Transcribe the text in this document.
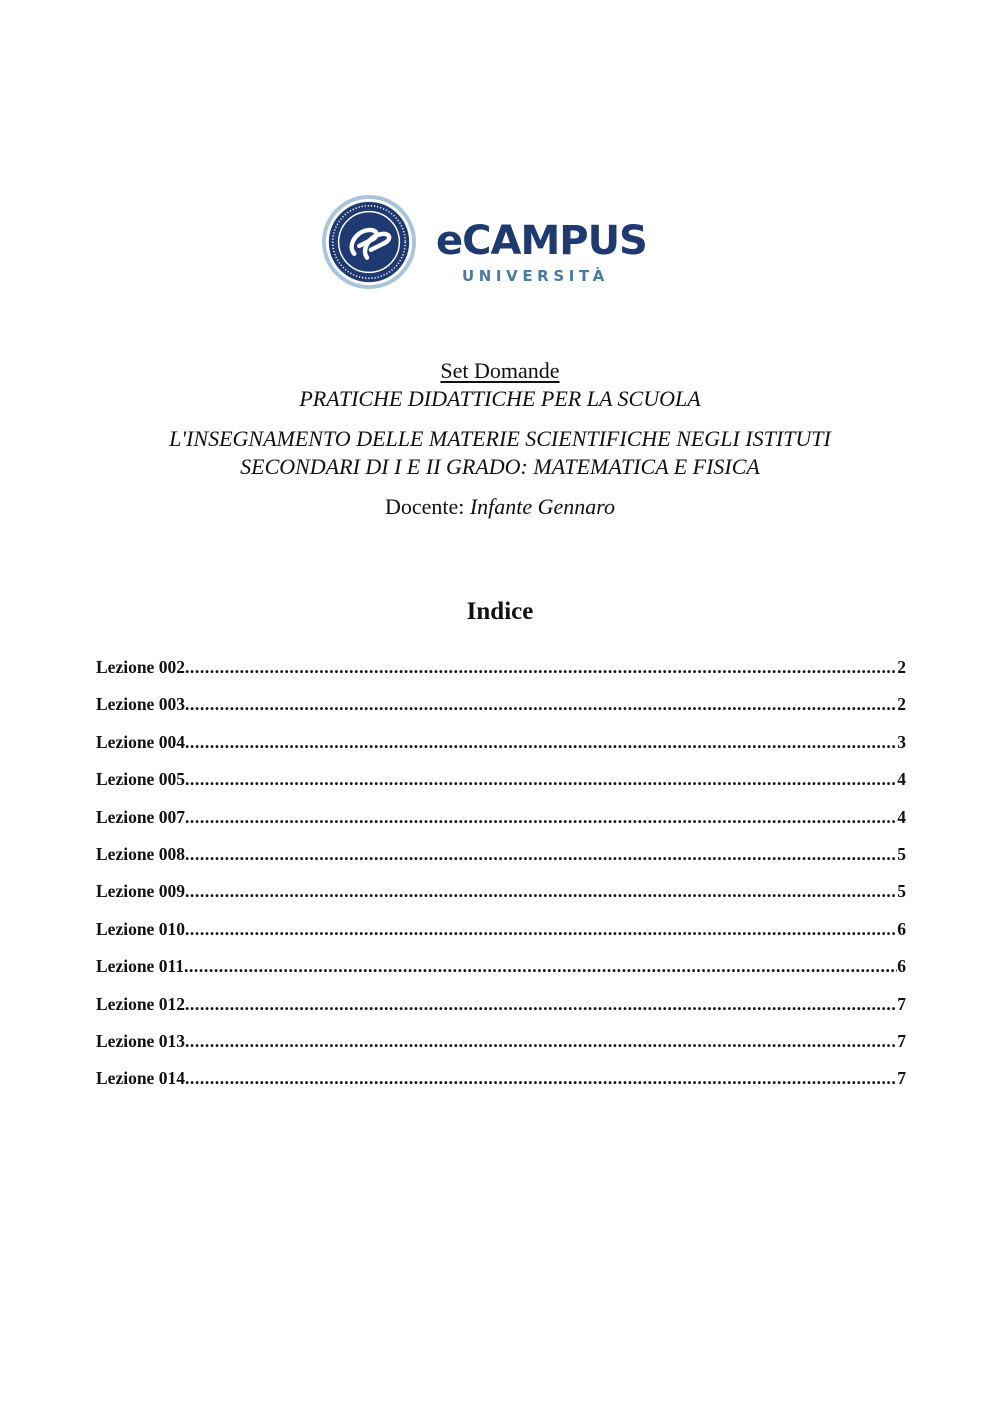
eCAMPUS
UNIVERSITÀ

Set Domande

PRATICHE DIDATTICHE PER LA SCUOLA

L'INSEGNAMENTO DELLE MATERIE SCIENTIFICHE NEGLI ISTITUTI
SECONDARI DI I E II GRADO: MATEMATICA E FISICA

Docente: Infante Gennaro

Indice
Lezione 002 .....	2
Lezione 003 .....	2
Lezione 004 .....	3
Lezione 005 .....	4
Lezione 007 .....	4
Lezione 008 .....	5
Lezione 009 .....	5
Lezione 010 .....	6
Lezione 011 .....	6
Lezione 012 .....	7
Lezione 013 .....	7
Lezione 014 .....	7
